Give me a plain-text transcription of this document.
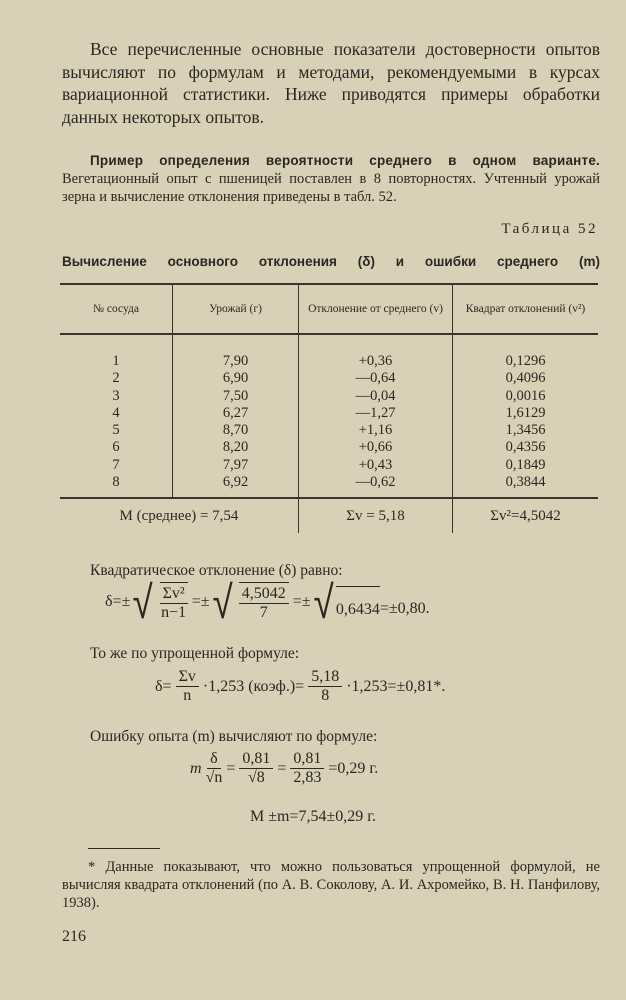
Все перечисленные основные показатели достоверности опытов вычисляют по формулам и методами, рекомендуемыми в курсах вариационной статистики. Ниже приводятся примеры обработки данных некоторых опытов.
Пример определения вероятности среднего в одном варианте. Вегетационный опыт с пшеницей поставлен в 8 повторностях. Учтенный урожай зерна и вычисление отклонения приведены в табл. 52.
Таблица 52
Вычисление основного отклонения (δ) и ошибки среднего (m)
№ сосуда	Урожай (г)	Отклонение от среднего (v)	Квадрат отклонений (v²)
1	7,90	+0,36	0,1296
2	6,90	—0,64	0,4096
3	7,50	—0,04	0,0016
4	6,27	—1,27	1,6129
5	8,70	+1,16	1,3456
6	8,20	+0,66	0,4356
7	7,97	+0,43	0,1849
8	6,92	—0,62	0,3844
M (среднее) = 7,54		Σv = 5,18	Σv²=4,5042
Квадратическое отклонение (δ) равно:
δ=± √ $\frac{\text{Σv²}}{n-1}$ =± √ $\frac{4,5042}{7}$ =± √ 0,6434 =±0,80.
То же по упрощенной формуле:
$\delta= \frac{\Sigma v}{n} \cdot 1,253$ (коэф.)= $\frac{5,18}{8} \cdot 1,253=\pm 0,81*$.
Ошибку опыта (m) вычисляют по формуле:
m $\frac{\delta}{√n} = \frac{0,81}{√8} = \frac{0,81}{2,83} =0,29$ г.
M ±m=7,54±0,29 г.
* Данные показывают, что можно пользоваться упрощенной формулой, не вычисляя квадрата отклонений (по А. В. Соколову, А. И. Ахромейко, В. Н. Панфилову, 1938).
216
